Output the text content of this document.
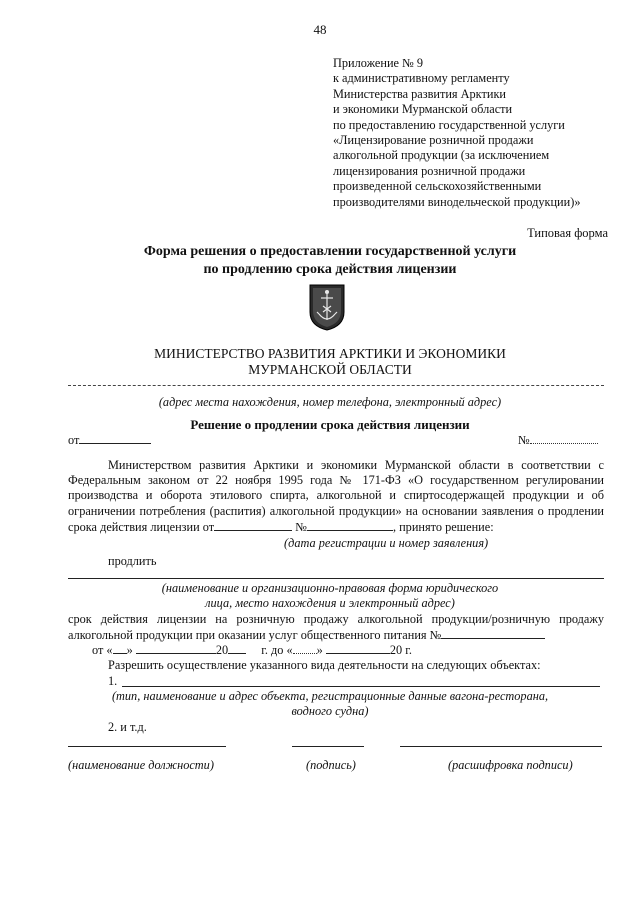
48
Приложение № 9
к административному регламенту
Министерства развития Арктики
и экономики Мурманской области
по предоставлению государственной услуги
«Лицензирование розничной продажи
алкогольной продукции (за исключением
лицензирования розничной продажи
произведенной сельскохозяйственными
производителями винодельческой продукции)»
Типовая форма
Форма решения о предоставлении государственной услуги
по продлению срока действия лицензии
МИНИСТЕРСТВО РАЗВИТИЯ АРКТИКИ И ЭКОНОМИКИ
МУРМАНСКОЙ ОБЛАСТИ
(адрес места нахождения, номер телефона, электронный адрес)
Решение о продлении срока действия лицензии
от	№
Министерством развития Арктики и экономики Мурманской области в соответствии с Федеральным законом от 22 ноября 1995 года № 171-ФЗ «О государственном регулировании производства и оборота этилового спирта, алкогольной и спиртосодержащей продукции и об ограничении потребления (распития) алкогольной продукции» на основании заявления о продлении срока действия лицензии от	№	, принято решение:
(дата регистрации и номер заявления)
продлить
(наименование и организационно-правовая форма юридического
лица, место нахождения и электронный адрес)
срок действия лицензии на розничную продажу алкогольной продукции/розничную продажу алкогольной продукции при оказании услуг общественного питания №
от « »	20	г. до « »	20 г.
Разрешить осуществление указанного вида деятельности на следующих объектах:
1.
(тип, наименование и адрес объекта, регистрационные данные вагона-ресторана,
водного судна)
2. и т.д.
(наименование должности)	(подпись)	(расшифровка подписи)
